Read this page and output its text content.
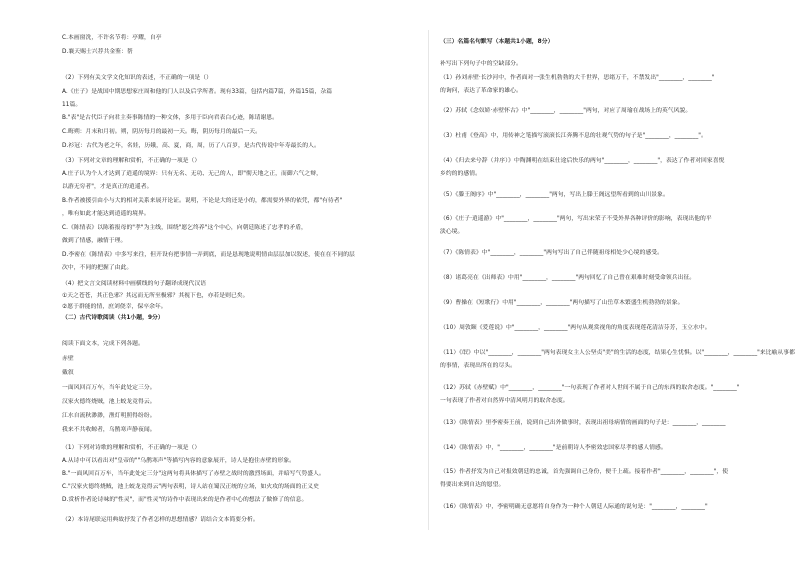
C.本画窗洗，不许名节将：亭耀，自亭
D.襄天赐士兴荐共金鉴：帮
（2）下列有关文学文化知识的表述，不正确的一项是（）
A.《庄子》是战国中期思想家庄周和他的门人以及后学所著。现有33篇，包括内篇7篇，外篇15篇，杂篇
11篇。
B."表"是古代臣子向君主奏事陈情的一种文体，多用于臣向君表白心迹，陈请谢恩。
C.晦朔：月末和月初。朔，阴历每月的最初一天。晦，阴历每月的最后一天。
D.衫冠：古代为老之年，名娃，历娥，高、夏，商，周，历了八百岁，是古代传说中年寿最长的人。
（3）下列对文章的理解和赏析，不正确的一项是（）
A.庄子认为个人才达到了逍遥的境界：只有无名、无功、无己的人，即"彻天地之正，而御六气之辩，
以游无穷者"，才是真正的逍遥者。
B.作者被援引由小与大的相对关系来展开论证。说明，不论是大的还是小的，都需要外界的依凭，都"有待者"
，唯有如此才能达到逍遥的境界。
C.《陈情表》以陈蓄报母的"孝"为主线，围绕"愿乞终养"这个中心，向朝廷陈述了忠孝的矛盾，
做到了情感，融情于理。
D.李密在《陈情表》中多写来往，但开设有把事情一弄到底，而是恳现地说明情由层层加以叙述，使在在不同的层
次中，不同的把握了由此。
（4）把文言文阅读材料中画横线的句子翻译成现代汉语
①天之苍苍，其正色邪？其远而无所至极邪？其视下也，亦若是则已矣。
②愿于群能的情，庶刘侥幸，保卒余年。
（二）古代诗歌阅读（共1小题，9分）
阅读下面文本，完成下列各题。
赤壁
戴叙
一面风回百万车，当年此处定三分。
汉家火德终烧贼，池上蛟龙竟得云。
江水自流秋渺渺，渔灯明照得纷纷。
我来不共收鲸者，乌鹊寒声静夜闻。
（1）下列对诗歌的理解和赏析，不正确的一项是（）
A.从诗中可以看出对"皇帝的""乌鹊寒声"等描写内容的意象展开，诗人是抱住赤壁的形象。
B."一面风回百万车，当年此处定三分"这两句将具体描写了赤壁之战时的激烈场面，并暗写气势盛人。
C."汉家火德终烧贼，池上蛟龙竟得云"两句表明，诗人站在蜀汉正统的立场，如火攻的场面的正义史
D.赏析作者论诗味的"性灵"，而"性灵"的诗作中表现出来的是作者中心的想法了做修了的信息。
（2）本诗尾联运用典故抒发了作者怎样的思想情感？请结合文本简要分析。
（三）名篇名句默写（本题共1小题，8分）
补写出下列句子中的空缺部分。
（1）孙刘赤壁‧长沙河中，作者面对一张生机勃勃的大千世界，思绪万千，不禁发出"________，________"
的询问，表达了革命家的雄心。
（2）苏轼《念奴娇‧赤壁怀古》中"________，________"两句，对应了周瑜在战场上的英气风貌。
（3）杜甫《登高》中，用传神之笔描写滚滚长江奔腾不息的壮观气势的句子是"________，________"。
（4）《归去来兮辞（并序）》中陶渊明在结束仕途后快乐的两句"________，________"，表达了作者对回家喜悦
乡约的的感情。
（5）《滕王阁序》中"________，________"两句，写出上滕王阁远望所看到的山川景象。
（6）《庄子‧逍遥游》中"________，________"两句，写出宋荣子不受外界各种评价的影响，表现出他的平
淡心境。
（7）《陈情表》中"________，________"两句写出了自己伴随祖母相处少心境的感受。
（8）诸葛亮在《出师表》中用"________，________"两句回忆了自己曾在艰难时刻受命领兵出征。
（9）曹操在《短歌行》中用"________，________"两句描写了山岳草木繁盛生机勃勃的景象。
（10）周敦颐《爱莲说》中"________，________"两句从观赏视角的角度表现莲花清洁芬芳，玉立水中。
（11）《氓》中以"________，________"两句表现女主人公坚贞"美"的生活的态度，结果心生忧惧。以"________，________"来比喻从事都
的事情，表现出所在的尽头。
（12）苏轼《赤壁赋》中"________，________"一句表现了作者对人世间不属于自己的东西的取舍态度。"________"
一句表现了作者对自然界中清风明月的取舍态度。
（13）《陈情表》里李密奏王前，说到自己出外做事时，表现出祖母病情的画面的句子是：________，________
（14）《陈情表》中，"________，________"是前朝诗人李密效忠国家尽孝的感人情感。
（15）作者抒发为自己对报效朝廷的忠诚，首先强调自己身份，便千上疏。接着作者"________，________"，使
得要出来到自达的愿望。
（16）《陈情表》中，李密明确无意愿将自身作为一种个人朝廷人际通的说句是："________，________"
